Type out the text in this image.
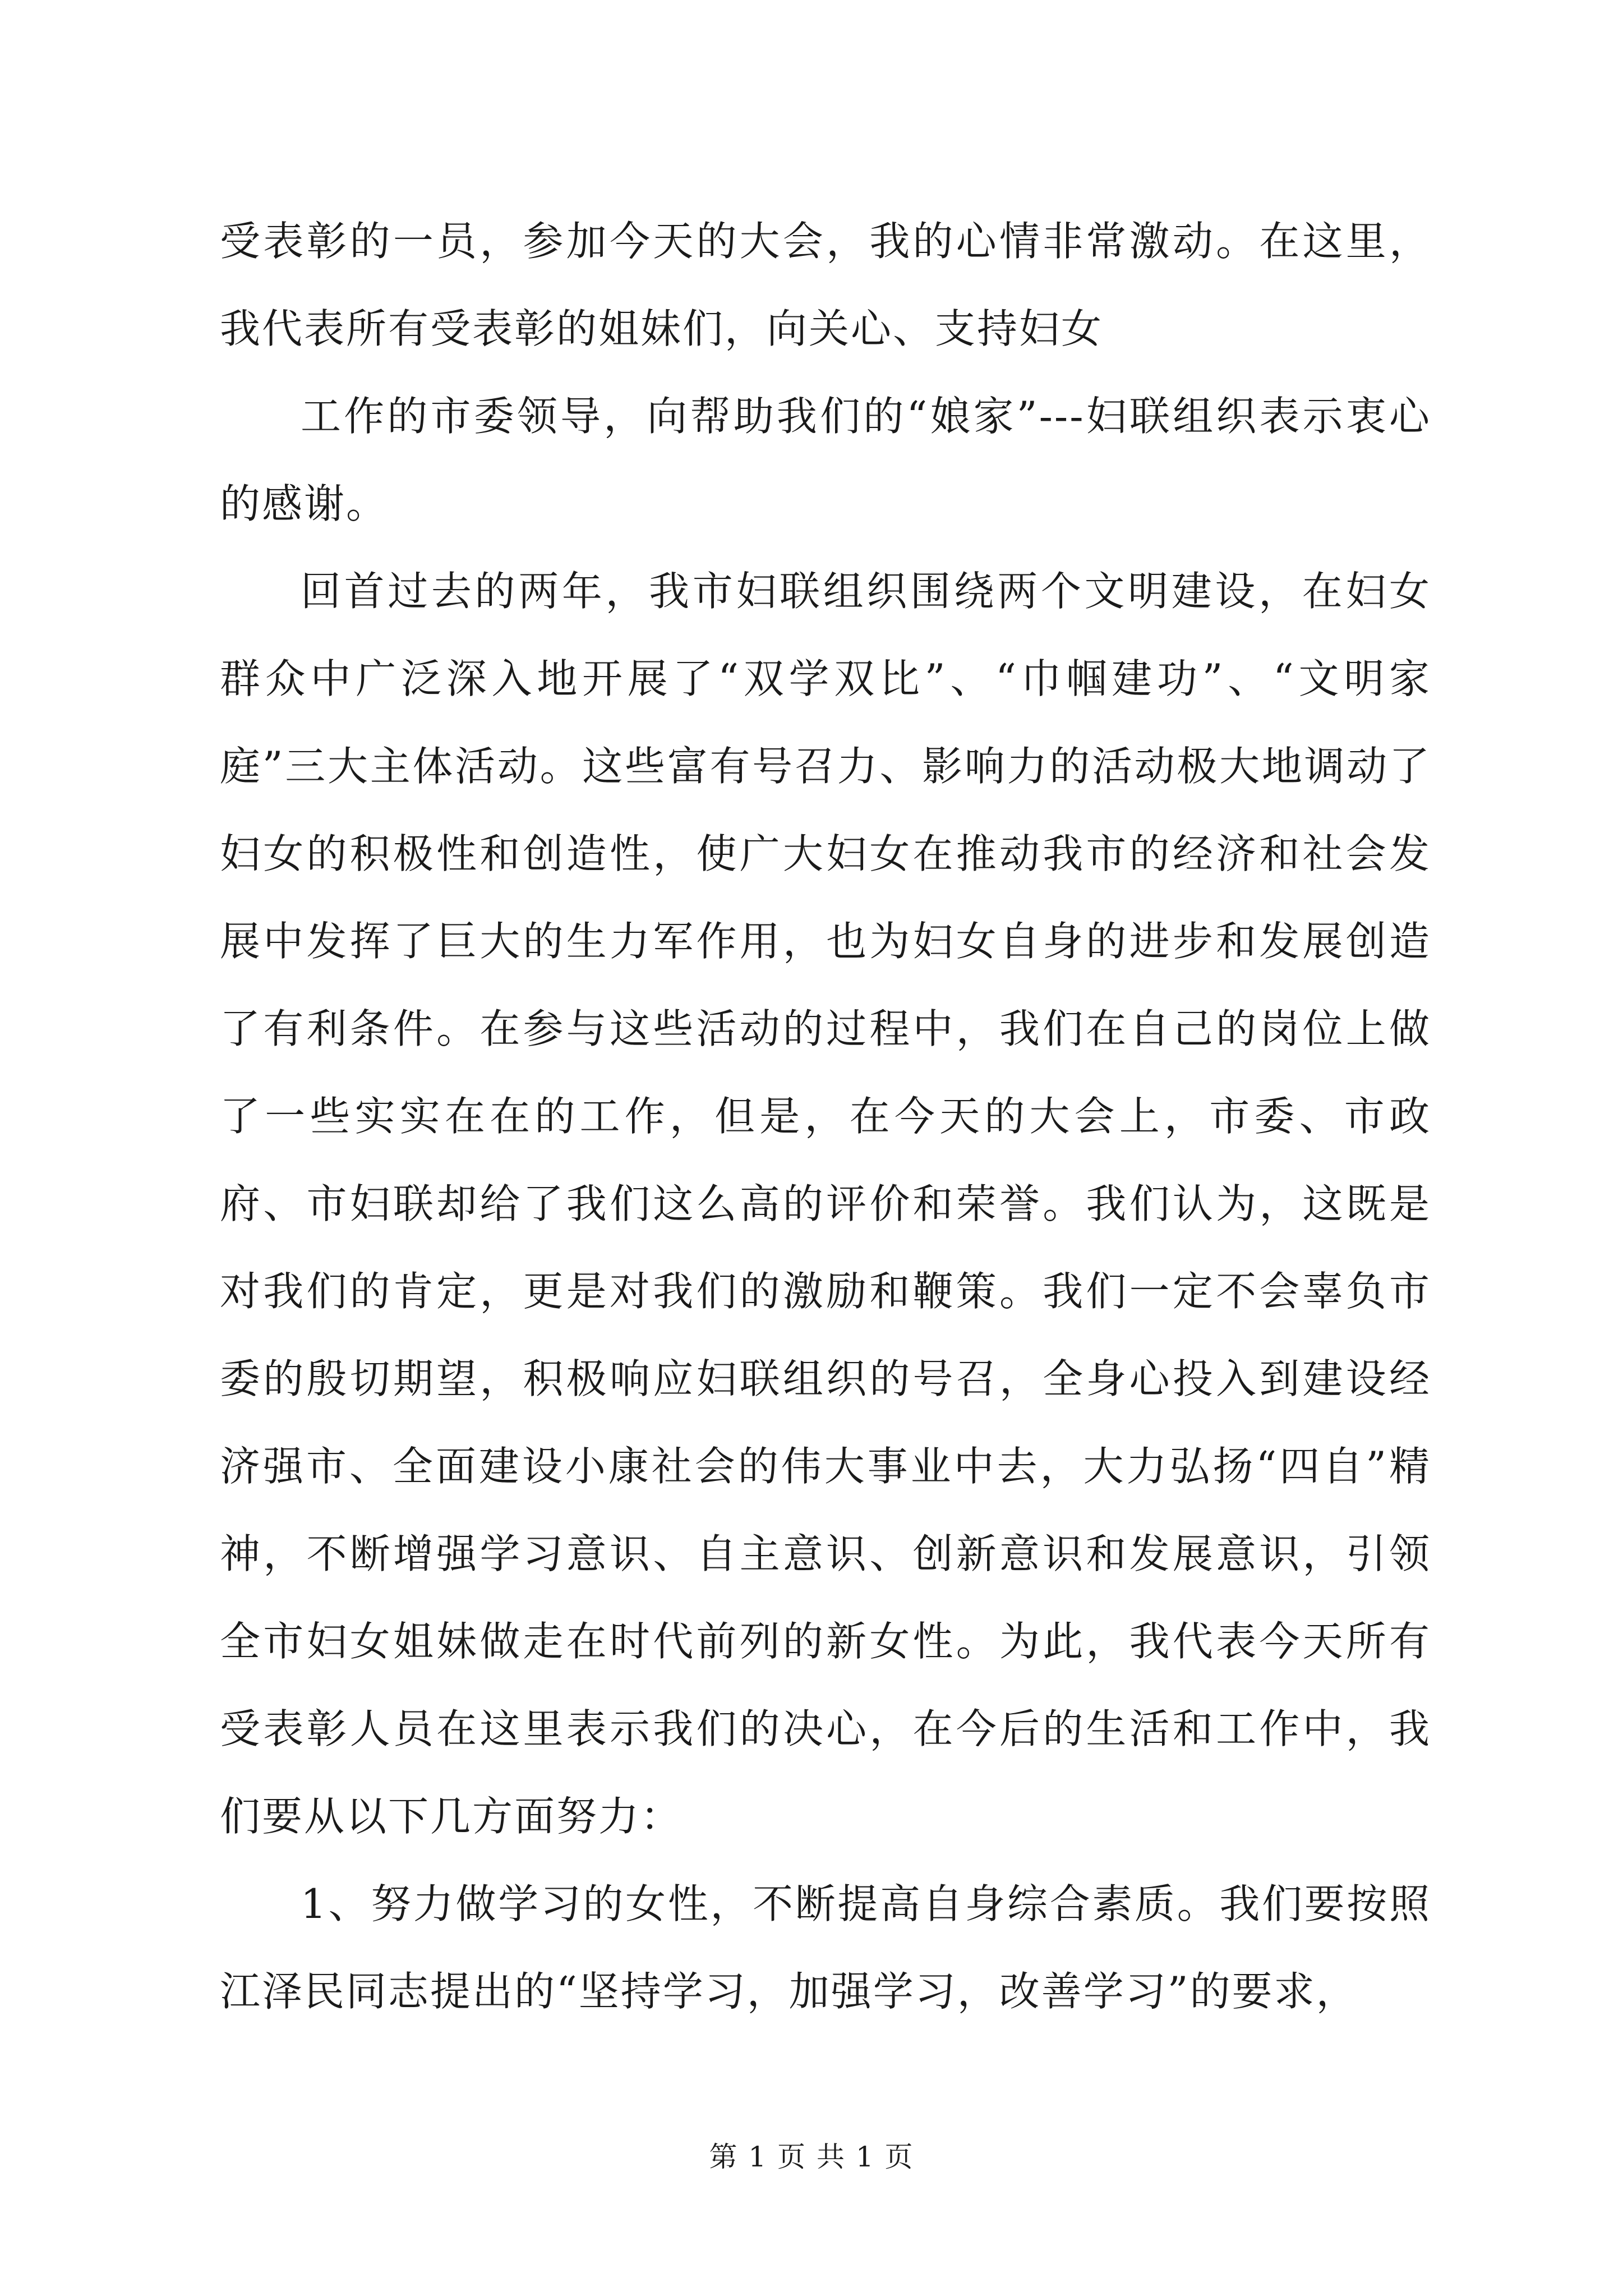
受表彰的一员，参加今天的大会，我的心情非常激动。在这里，我代表所有受表彰的姐妹们，向关心、支持妇女

工作的市委领导，向帮助我们的“娘家”---妇联组织表示衷心的感谢。

回首过去的两年，我市妇联组织围绕两个文明建设，在妇女群众中广泛深入地开展了“双学双比”、“巾帼建功”、“文明家庭”三大主体活动。这些富有号召力、影响力的活动极大地调动了妇女的积极性和创造性，使广大妇女在推动我市的经济和社会发展中发挥了巨大的生力军作用，也为妇女自身的进步和发展创造了有利条件。在参与这些活动的过程中，我们在自己的岗位上做了一些实实在在的工作，但是，在今天的大会上，市委、市政府、市妇联却给了我们这么高的评价和荣誉。我们认为，这既是对我们的肯定，更是对我们的激励和鞭策。我们一定不会辜负市委的殷切期望，积极响应妇联组织的号召，全身心投入到建设经济强市、全面建设小康社会的伟大事业中去，大力弘扬“四自”精神，不断增强学习意识、自主意识、创新意识和发展意识，引领全市妇女姐妹做走在时代前列的新女性。为此，我代表今天所有受表彰人员在这里表示我们的决心，在今后的生活和工作中，我们要从以下几方面努力：

1、努力做学习的女性，不断提高自身综合素质。我们要按照江泽民同志提出的“坚持学习，加强学习，改善学习”的要求，

第 1 页 共 1 页
